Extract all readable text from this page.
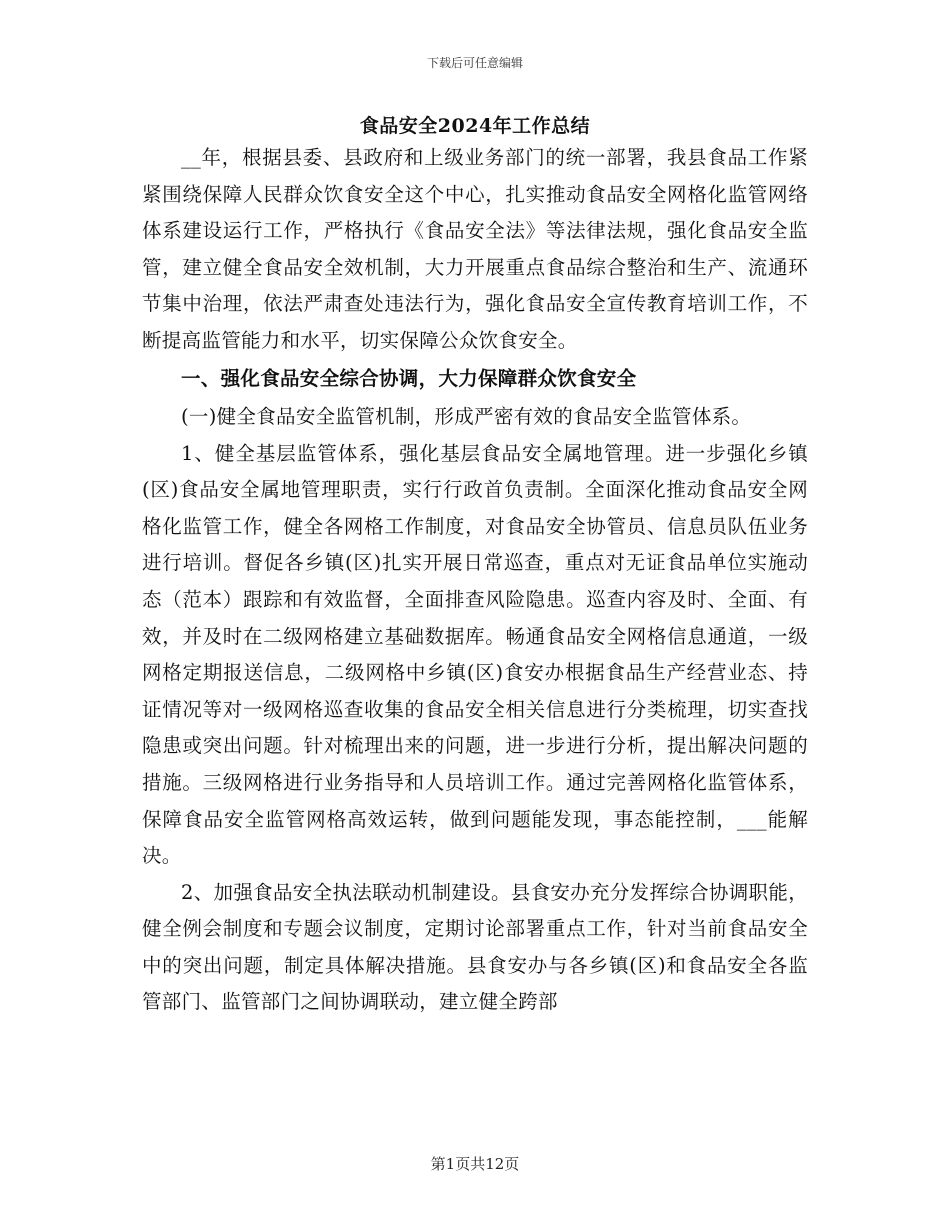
下载后可任意编辑
食品安全2024年工作总结

__年，根据县委、县政府和上级业务部门的统一部署，我县食品工作紧紧围绕保障人民群众饮食安全这个中心，扎实推动食品安全网格化监管网络体系建设运行工作，严格执行《食品安全法》等法律法规，强化食品安全监管，建立健全食品安全效机制，大力开展重点食品综合整治和生产、流通环节集中治理，依法严肃查处违法行为，强化食品安全宣传教育培训工作，不断提高监管能力和水平，切实保障公众饮食安全。

一、强化食品安全综合协调，大力保障群众饮食安全

(一)健全食品安全监管机制，形成严密有效的食品安全监管体系。

1、健全基层监管体系，强化基层食品安全属地管理。进一步强化乡镇(区)食品安全属地管理职责，实行行政首负责制。全面深化推动食品安全网格化监管工作，健全各网格工作制度，对食品安全协管员、信息员队伍业务进行培训。督促各乡镇(区)扎实开展日常巡查，重点对无证食品单位实施动态（范本）跟踪和有效监督，全面排查风险隐患。巡查内容及时、全面、有效，并及时在二级网格建立基础数据库。畅通食品安全网格信息通道，一级网格定期报送信息，二级网格中乡镇(区)食安办根据食品生产经营业态、持证情况等对一级网格巡查收集的食品安全相关信息进行分类梳理，切实查找隐患或突出问题。针对梳理出来的问题，进一步进行分析，提出解决问题的措施。三级网格进行业务指导和人员培训工作。通过完善网格化监管体系，保障食品安全监管网格高效运转，做到问题能发现，事态能控制，___能解决。

2、加强食品安全执法联动机制建设。县食安办充分发挥综合协调职能，健全例会制度和专题会议制度，定期讨论部署重点工作，针对当前食品安全中的突出问题，制定具体解决措施。县食安办与各乡镇(区)和食品安全各监管部门、监管部门之间协调联动，建立健全跨部

第1页共12页
